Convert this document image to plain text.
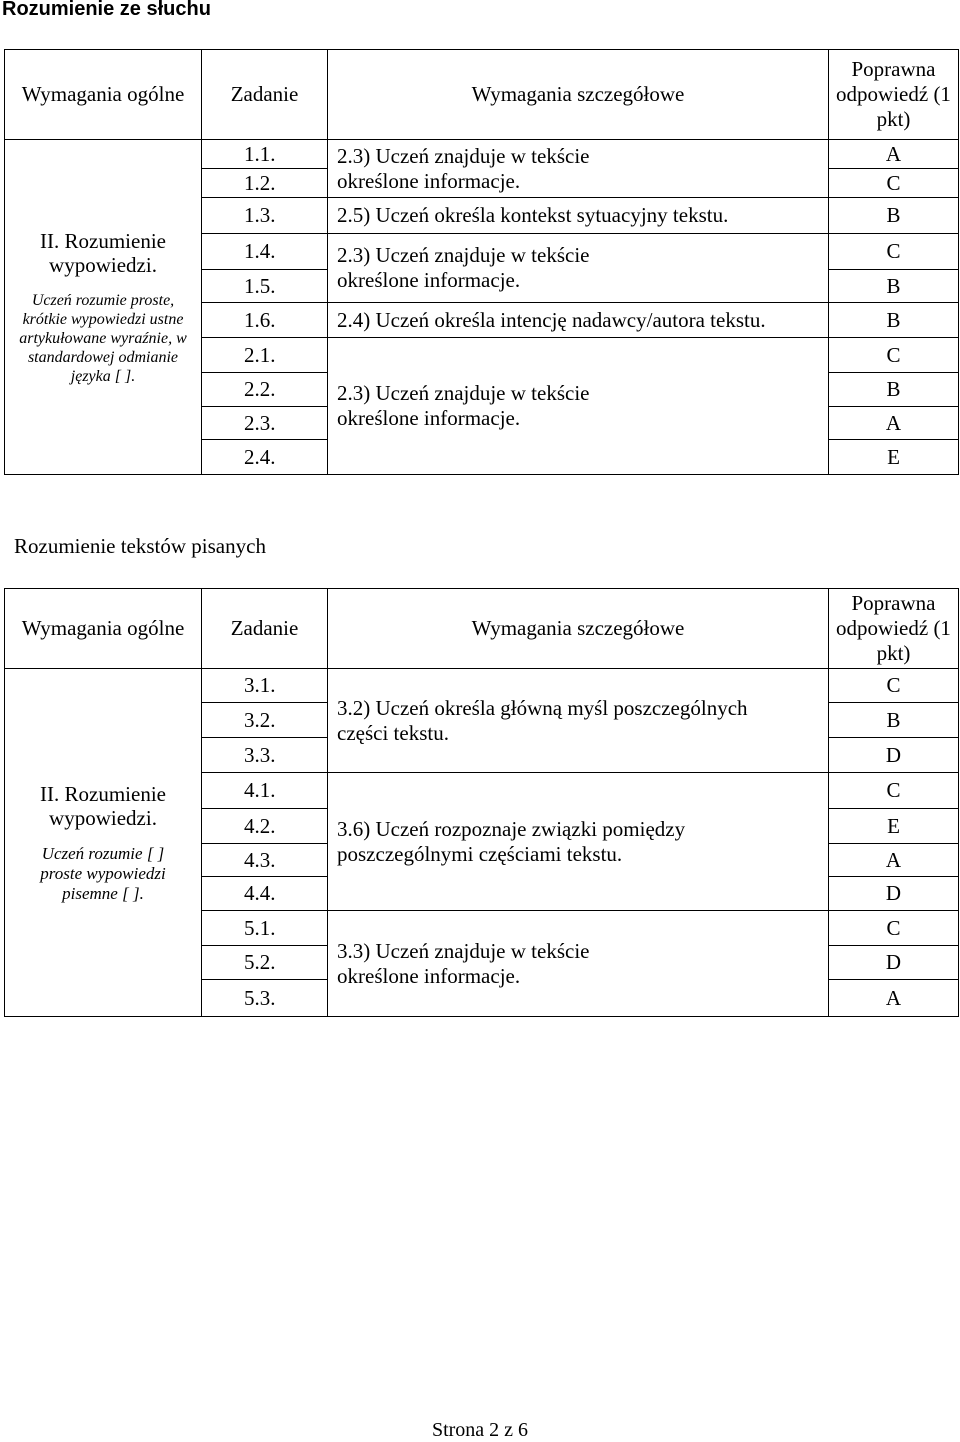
Rozumienie ze słuchu
Wymagania ogólne	Zadanie	Wymagania szczegółowe	Poprawna odpowiedź (1 pkt)

II. Rozumienie wypowiedzi.
Uczeń rozumie proste, krótkie wypowiedzi ustne artykułowane wyraźnie, w standardowej odmianie języka [ ].	1.1.	2.3) Uczeń znajduje w tekście określone informacje.	A
	1.2.		C
	1.3.	2.5) Uczeń określa kontekst sytuacyjny tekstu.	B
	1.4.	2.3) Uczeń znajduje w tekście określone informacje.	C
	1.5.		B
	1.6.	2.4) Uczeń określa intencję nadawcy/autora tekstu.	B
	2.1.	2.3) Uczeń znajduje w tekście określone informacje.	C
	2.2.		B
	2.3.		A
	2.4.		E
Rozumienie tekstów pisanych
Wymagania ogólne	Zadanie	Wymagania szczegółowe	Poprawna odpowiedź (1 pkt)

II. Rozumienie wypowiedzi.
Uczeń rozumie [ ] proste wypowiedzi pisemne [ ].	3.1.	3.2) Uczeń określa główną myśl poszczególnych części tekstu.	C
	3.2.		B
	3.3.		D
	4.1.	3.6) Uczeń rozpoznaje związki pomiędzy poszczególnymi częściami tekstu.	C
	4.2.		E
	4.3.		A
	4.4.		D
	5.1.	3.3) Uczeń znajduje w tekście określone informacje.	C
	5.2.		D
	5.3.		A
Strona 2 z 6
